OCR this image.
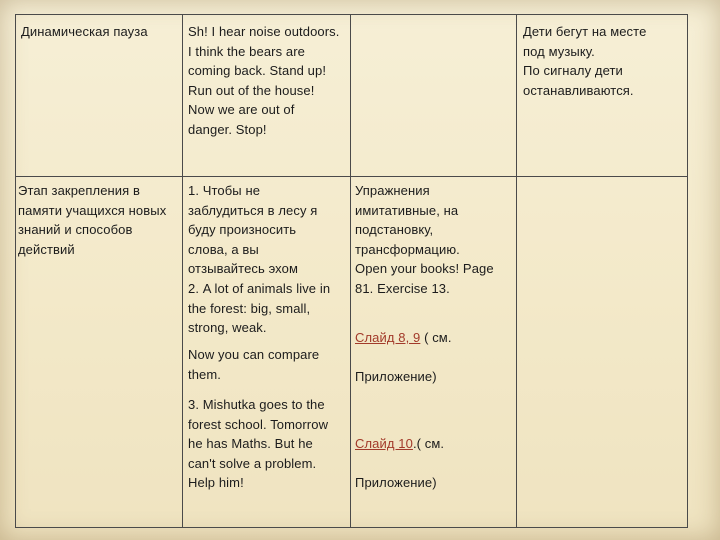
Динамическая пауза	Sh! I hear noise outdoors.
I think the bears are
coming back. Stand up!
Run out of the house!
Now we are out of
danger. Stop!
Дети бегут на месте
под музыку.
По сигналу дети
останавливаются.
Этап закрепления в
памяти учащихся новых
знаний и способов
действий
1. Чтобы не
заблудиться в лесу я
буду произносить
слова, а вы
отзывайтесь эхом
2. A lot of animals live in
the forest: big, small,
strong, weak.
Now you can compare
them.
3. Mishutka goes to the
forest school. Tomorrow
he has Maths. But he
can't solve a problem.
Help him!
Упражнения
имитативные, на
подстановку,
трансформацию.
Open your books! Page
81. Exercise 13.

Слайд 8, 9 ( см.

Приложение)

Слайд 10.( см.

Приложение)
